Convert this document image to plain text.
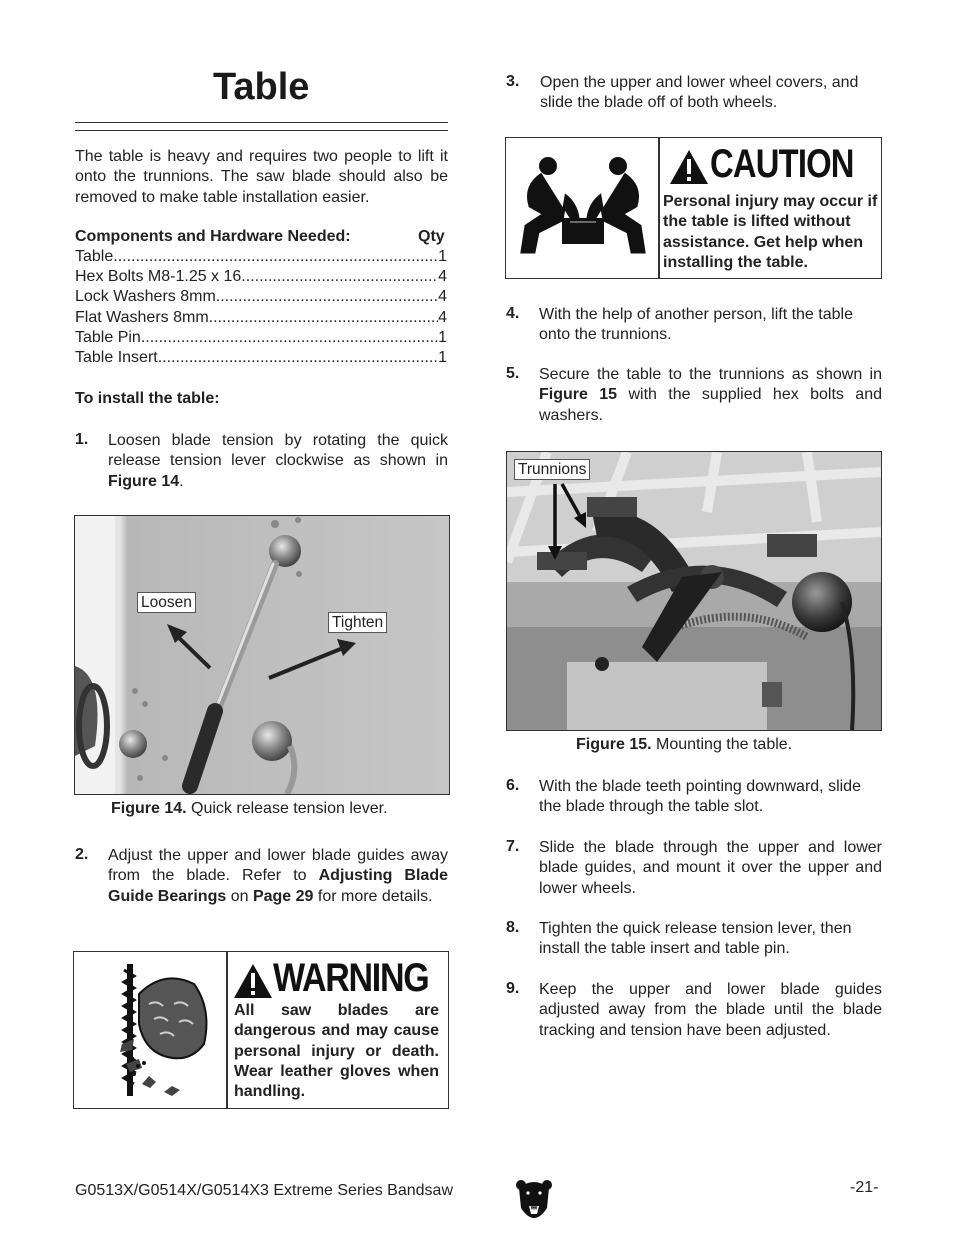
Table
The table is heavy and requires two people to lift it onto the trunnions. The saw blade should also be removed to make table installation easier.
Components and Hardware Needed:	Qty
Table .....	1
Hex Bolts M8-1.25 x 16 .....	4
Lock Washers 8mm .....	4
Flat Washers 8mm .....	4
Table Pin .....	1
Table Insert .....	1
To install the table:
1. Loosen blade tension by rotating the quick release tension lever clockwise as shown in Figure 14.
Loosen
Tighten
Figure 14. Quick release tension lever.
2. Adjust the upper and lower blade guides away from the blade. Refer to Adjusting Blade Guide Bearings on Page 29 for more details.
WARNING
All saw blades are dangerous and may cause personal injury or death. Wear leather gloves when handling.
3. Open the upper and lower wheel covers, and slide the blade off of both wheels.
CAUTION
Personal injury may occur if the table is lifted without assistance. Get help when installing the table.
4. With the help of another person, lift the table onto the trunnions.
5. Secure the table to the trunnions as shown in Figure 15 with the supplied hex bolts and washers.
Trunnions
Figure 15. Mounting the table.
6. With the blade teeth pointing downward, slide the blade through the table slot.
7. Slide the blade through the upper and lower blade guides, and mount it over the upper and lower wheels.
8. Tighten the quick release tension lever, then install the table insert and table pin.
9. Keep the upper and lower blade guides adjusted away from the blade until the blade tracking and tension have been adjusted.
G0513X/G0514X/G0514X3 Extreme Series Bandsaw	-21-
